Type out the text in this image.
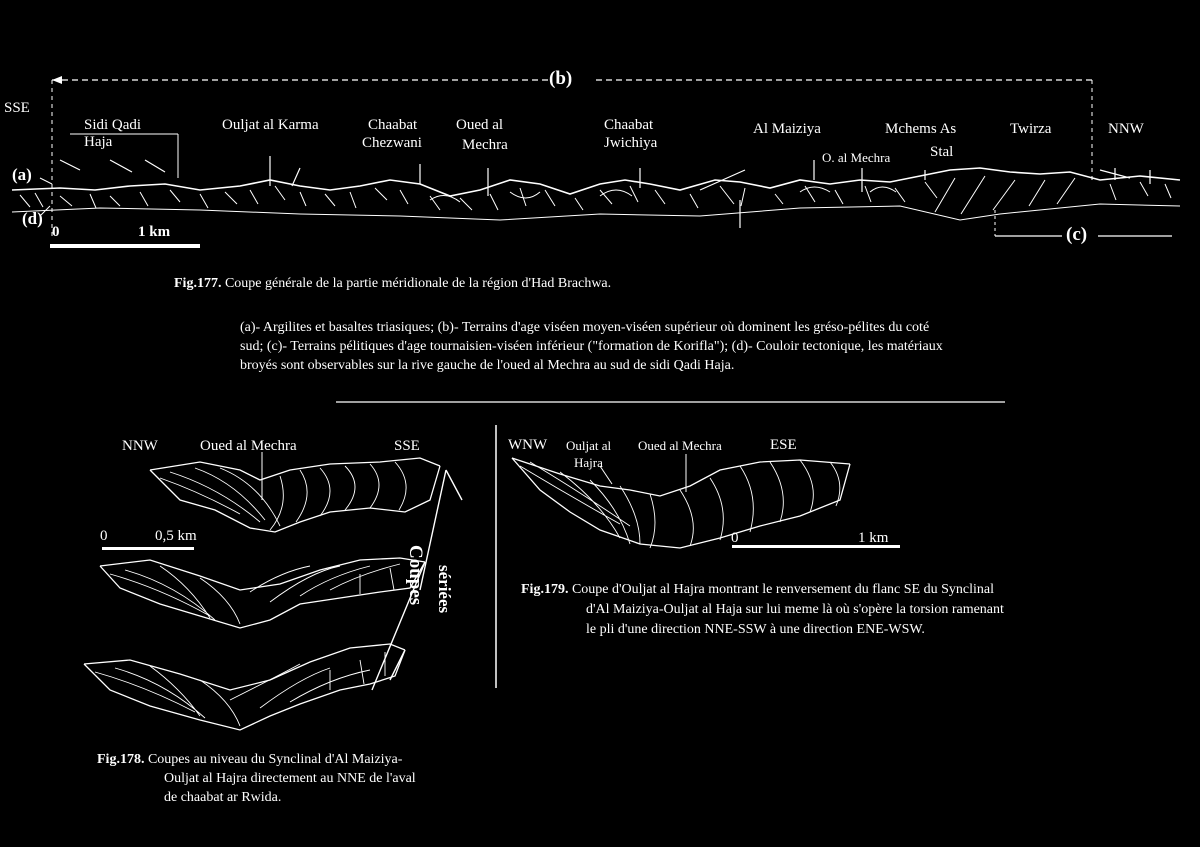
(b)
(c)
(a)
(d)
SSE
NNW
0	1 km
Sidi Qadi
Haja
Ouljat al Karma	Chaabat
Chezwani
Oued al
Mechra
Chaabat
Jwichiya
Al Maiziya
O. al Mechra
Mchems As
Stal
Twirza
Fig.177. Coupe générale de la partie méridionale de la région d'Had Brachwa.
(a)- Argilites et basaltes triasiques; (b)- Terrains d'age viséen moyen-viséen supérieur où dominent les gréso-pélites du coté
sud; (c)- Terrains pélitiques d'age tournaisien-viséen inférieur ("formation de Korifla"); (d)- Couloir tectonique, les matériaux
broyés sont observables sur la rive gauche de l'oued al Mechra au sud de sidi Qadi Haja.
NNW	Oued al Mechra	SSE
0	0,5 km
Coupes sériées
Fig.178. Coupes au niveau du Synclinal d'Al Maiziya-
Ouljat al Hajra directement au NNE de l'aval
de chaabat ar Rwida.
WNW Ouljat al
Hajra
Oued al Mechra	ESE
0	1 km
Fig.179. Coupe d'Ouljat al Hajra montrant le renversement du flanc SE du Synclinal
d'Al Maiziya-Ouljat al Haja sur lui meme là où s'opère la torsion ramenant
le pli d'une direction NNE-SSW à une direction ENE-WSW.
